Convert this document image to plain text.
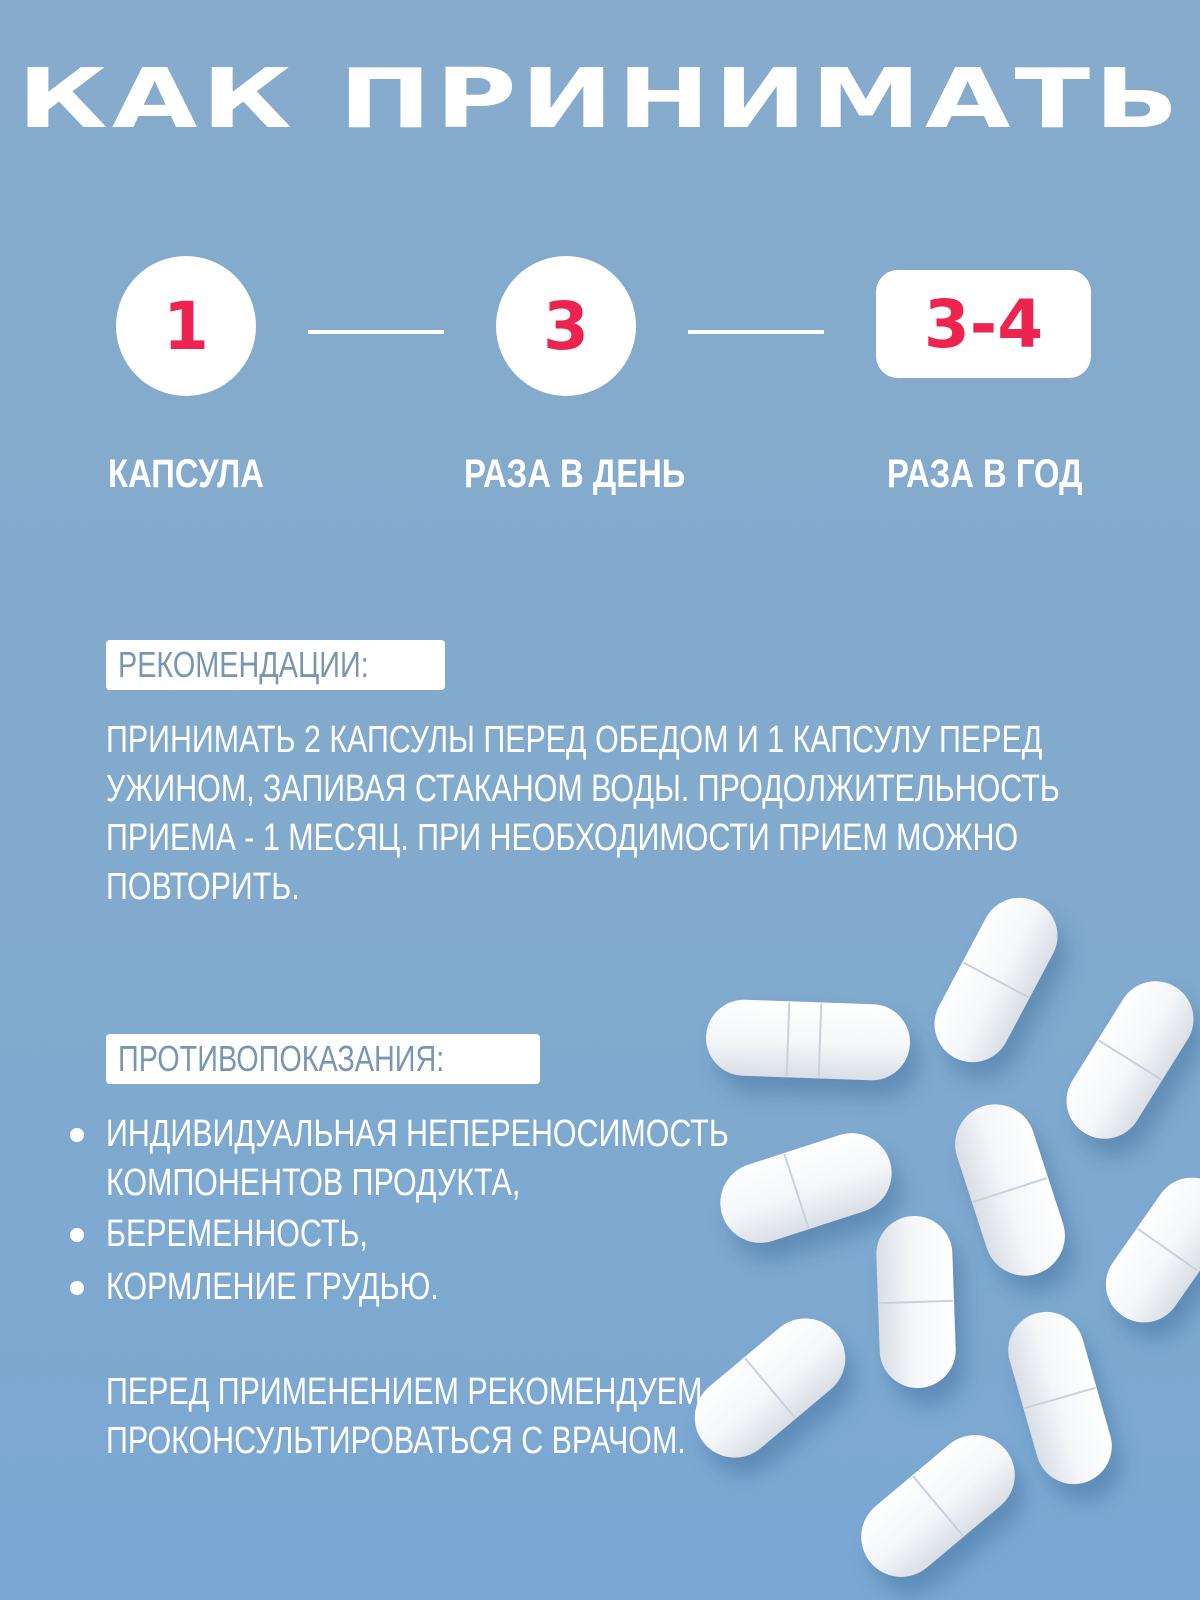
КАК ПРИНИМАТЬ
1	3	3-4
КАПСУЛА	РАЗА В ДЕНЬ	РАЗА В ГОД
РЕКОМЕНДАЦИИ:
ПРИНИМАТЬ 2 КАПСУЛЫ ПЕРЕД ОБЕДОМ И 1 КАПСУЛУ ПЕРЕД
УЖИНОМ, ЗАПИВАЯ СТАКАНОМ ВОДЫ. ПРОДОЛЖИТЕЛЬНОСТЬ
ПРИЕМА - 1 МЕСЯЦ. ПРИ НЕОБХОДИМОСТИ ПРИЕМ МОЖНО
ПОВТОРИТЬ.
ПРОТИВОПОКАЗАНИЯ:
ИНДИВИДУАЛЬНАЯ НЕПЕРЕНОСИМОСТЬ
КОМПОНЕНТОВ ПРОДУКТА,
БЕРЕМЕННОСТЬ,
КОРМЛЕНИЕ ГРУДЬЮ.
ПЕРЕД ПРИМЕНЕНИЕМ РЕКОМЕНДУЕМ
ПРОКОНСУЛЬТИРОВАТЬСЯ С ВРАЧОМ.
